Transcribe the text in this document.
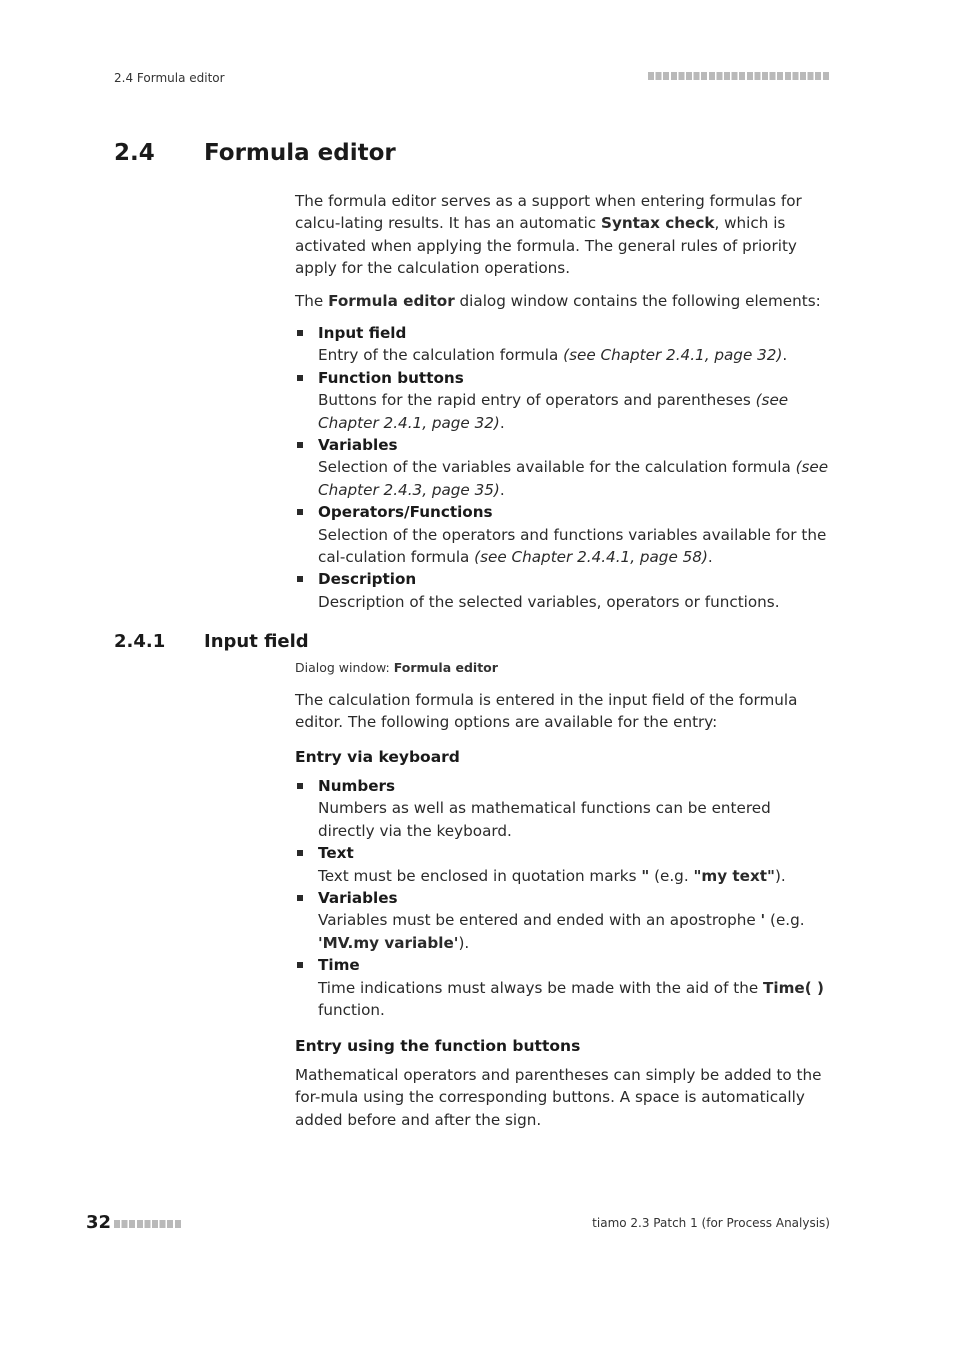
2.4 Formula editor
2.4 Formula editor
The formula editor serves as a support when entering formulas for calcu-lating results. It has an automatic Syntax check, which is activated when applying the formula. The general rules of priority apply for the calculation operations.
The Formula editor dialog window contains the following elements:
Input field
Entry of the calculation formula (see Chapter 2.4.1, page 32).
Function buttons
Buttons for the rapid entry of operators and parentheses (see Chapter 2.4.1, page 32).
Variables
Selection of the variables available for the calculation formula (see Chapter 2.4.3, page 35).
Operators/Functions
Selection of the operators and functions variables available for the cal-culation formula (see Chapter 2.4.4.1, page 58).
Description
Description of the selected variables, operators or functions.
2.4.1 Input field
Dialog window: Formula editor
The calculation formula is entered in the input field of the formula editor. The following options are available for the entry:
Entry via keyboard
Numbers
Numbers as well as mathematical functions can be entered directly via the keyboard.
Text
Text must be enclosed in quotation marks " (e.g. "my text").
Variables
Variables must be entered and ended with an apostrophe ' (e.g. 'MV.my variable').
Time
Time indications must always be made with the aid of the Time( ) function.
Entry using the function buttons
Mathematical operators and parentheses can simply be added to the for-mula using the corresponding buttons. A space is automatically added before and after the sign.
32	tiamo 2.3 Patch 1 (for Process Analysis)
